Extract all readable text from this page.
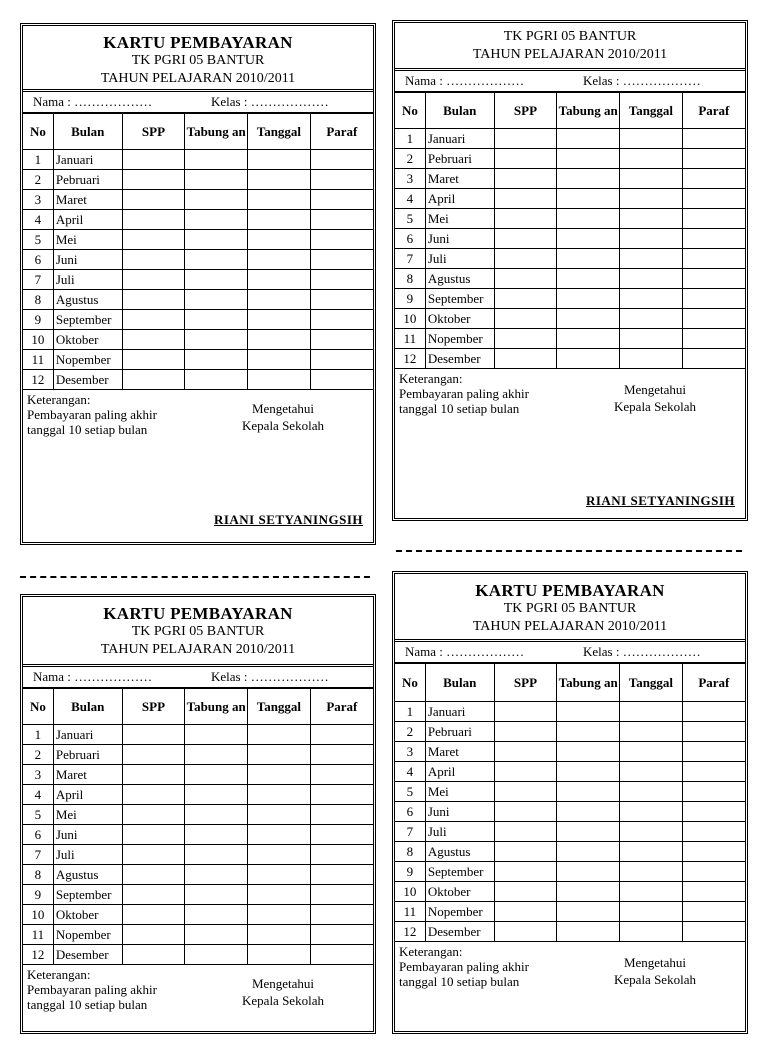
KARTU PEMBAYARAN
TK PGRI 05 BANTUR
TAHUN PELAJARAN 2010/2011
Nama : ………………	Kelas : ………………
No	Bulan	SPP	Tabung an	Tanggal	Paraf
1	Januari				
2	Pebruari				
3	Maret				
4	April				
5	Mei				
6	Juni				
7	Juli				
8	Agustus				
9	September				
10	Oktober				
11	Nopember				
12	Desember				
Keterangan:
Pembayaran paling akhir
tanggal 10 setiap bulan
Mengetahui
Kepala Sekolah
RIANI SETYANINGSIH
TK PGRI 05 BANTUR
TAHUN PELAJARAN 2010/2011
Nama : ………………	Kelas : ………………
No	Bulan	SPP	Tabung an	Tanggal	Paraf
1	Januari				
2	Pebruari				
3	Maret				
4	April				
5	Mei				
6	Juni				
7	Juli				
8	Agustus				
9	September				
10	Oktober				
11	Nopember				
12	Desember				
Keterangan:
Pembayaran paling akhir
tanggal 10 setiap bulan
Mengetahui
Kepala Sekolah
RIANI SETYANINGSIH
KARTU PEMBAYARAN
TK PGRI 05 BANTUR
TAHUN PELAJARAN 2010/2011
Nama : ………………	Kelas : ………………
No	Bulan	SPP	Tabung an	Tanggal	Paraf
1	Januari				
2	Pebruari				
3	Maret				
4	April				
5	Mei				
6	Juni				
7	Juli				
8	Agustus				
9	September				
10	Oktober				
11	Nopember				
12	Desember				
Keterangan:
Pembayaran paling akhir
tanggal 10 setiap bulan
Mengetahui
Kepala Sekolah
KARTU PEMBAYARAN
TK PGRI 05 BANTUR
TAHUN PELAJARAN 2010/2011
Nama : ………………	Kelas : ………………
No	Bulan	SPP	Tabung an	Tanggal	Paraf
1	Januari				
2	Pebruari				
3	Maret				
4	April				
5	Mei				
6	Juni				
7	Juli				
8	Agustus				
9	September				
10	Oktober				
11	Nopember				
12	Desember				
Keterangan:
Pembayaran paling akhir
tanggal 10 setiap bulan
Mengetahui
Kepala Sekolah
